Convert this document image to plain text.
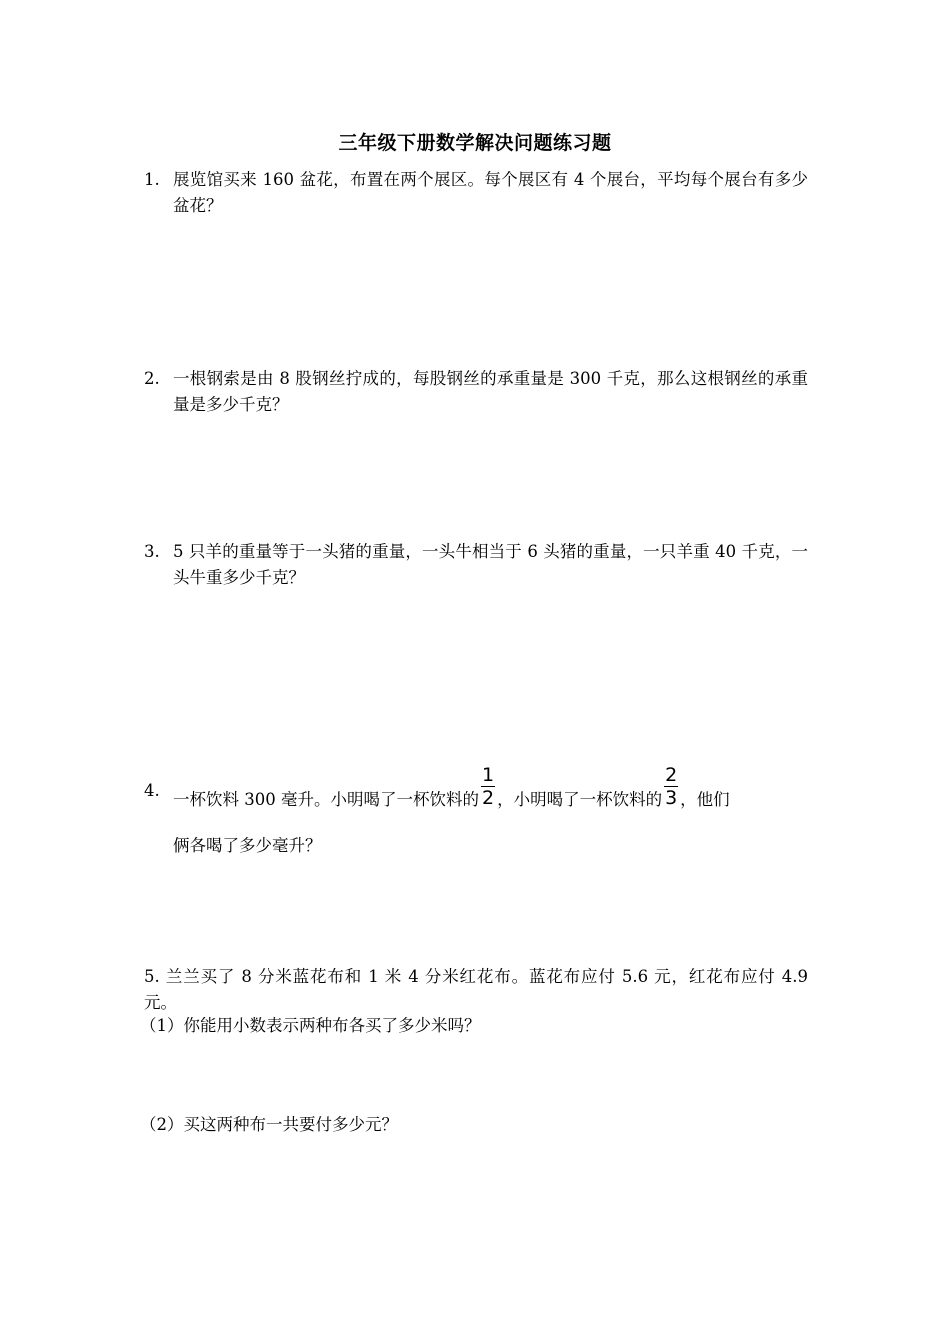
三年级下册数学解决问题练习题
1. 展览馆买来 160 盆花，布置在两个展区。每个展区有 4 个展台，平均每个展台有多少盆花？
2. 一根钢索是由 8 股钢丝拧成的，每股钢丝的承重量是 300 千克，那么这根钢丝的承重量是多少千克？
3. 5 只羊的重量等于一头猪的重量，一头牛相当于 6 头猪的重量，一只羊重 40 千克，一头牛重多少千克？
4. 一杯饮料 300 毫升。小明喝了一杯饮料的 $\frac{1}{2}$ ，小明喝了一杯饮料的 $\frac{2}{3}$ ，他们
俩各喝了多少毫升？
5. 兰兰买了 8 分米蓝花布和 1 米 4 分米红花布。蓝花布应付 5.6 元，红花布应付 4.9 元。
（1）你能用小数表示两种布各买了多少米吗？
（2）买这两种布一共要付多少元？
